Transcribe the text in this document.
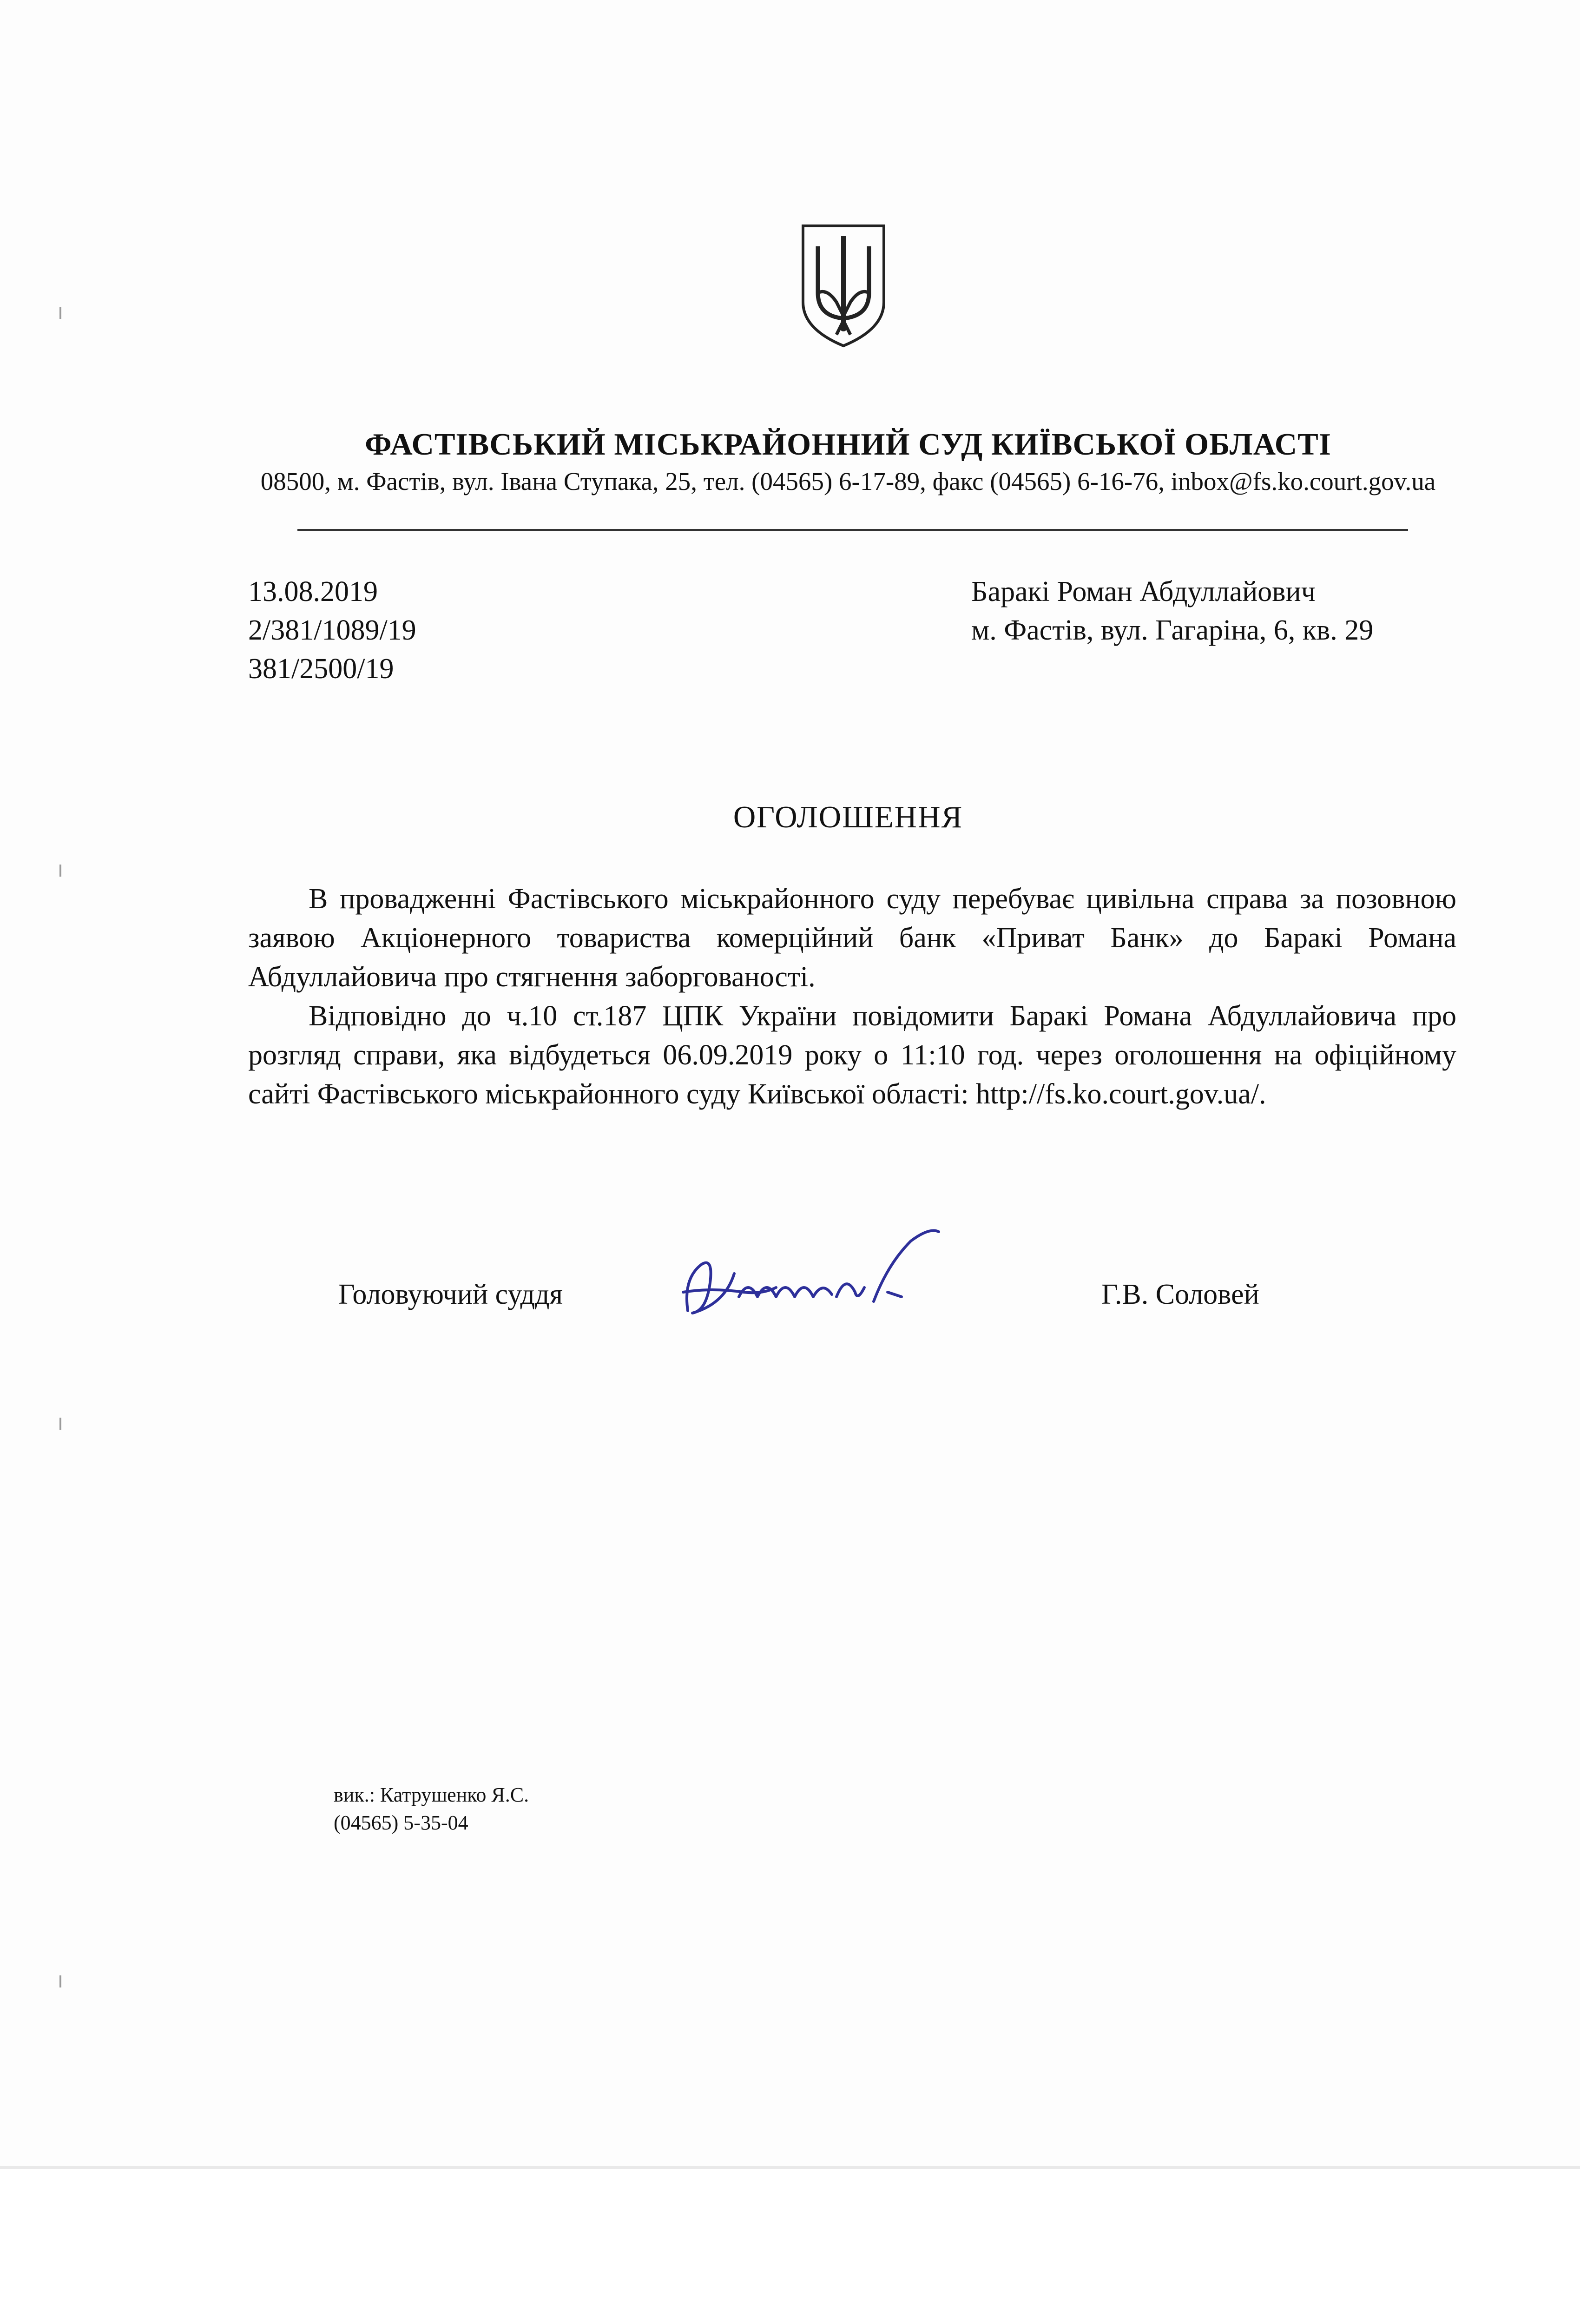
ФАСТІВСЬКИЙ МІСЬКРАЙОННИЙ СУД КИЇВСЬКОЇ ОБЛАСТІ
08500, м. Фастів, вул. Івана Ступака, 25, тел. (04565) 6-17-89, факс (04565) 6-16-76, inbox@fs.ko.court.gov.ua
13.08.2019
2/381/1089/19
381/2500/19
Баракі Роман Абдуллайович
м. Фастів, вул. Гагаріна, 6, кв. 29
ОГОЛОШЕННЯ

В провадженні Фастівського міськрайонного суду перебуває цивільна справа за позовною заявою Акціонерного товариства комерційний банк «Приват Банк» до Баракі Романа Абдуллайовича про стягнення заборгованості.

Відповідно до ч.10 ст.187 ЦПК України повідомити Баракі Романа Абдуллайовича про розгляд справи, яка відбудеться 06.09.2019 року о 11:10 год. через оголошення на офіційному сайті Фастівського міськрайонного суду Київської області: http://fs.ko.court.gov.ua/.

Головуючий суддя	Г.В. Соловей
вик.: Катрушенко Я.С.
(04565) 5-35-04
